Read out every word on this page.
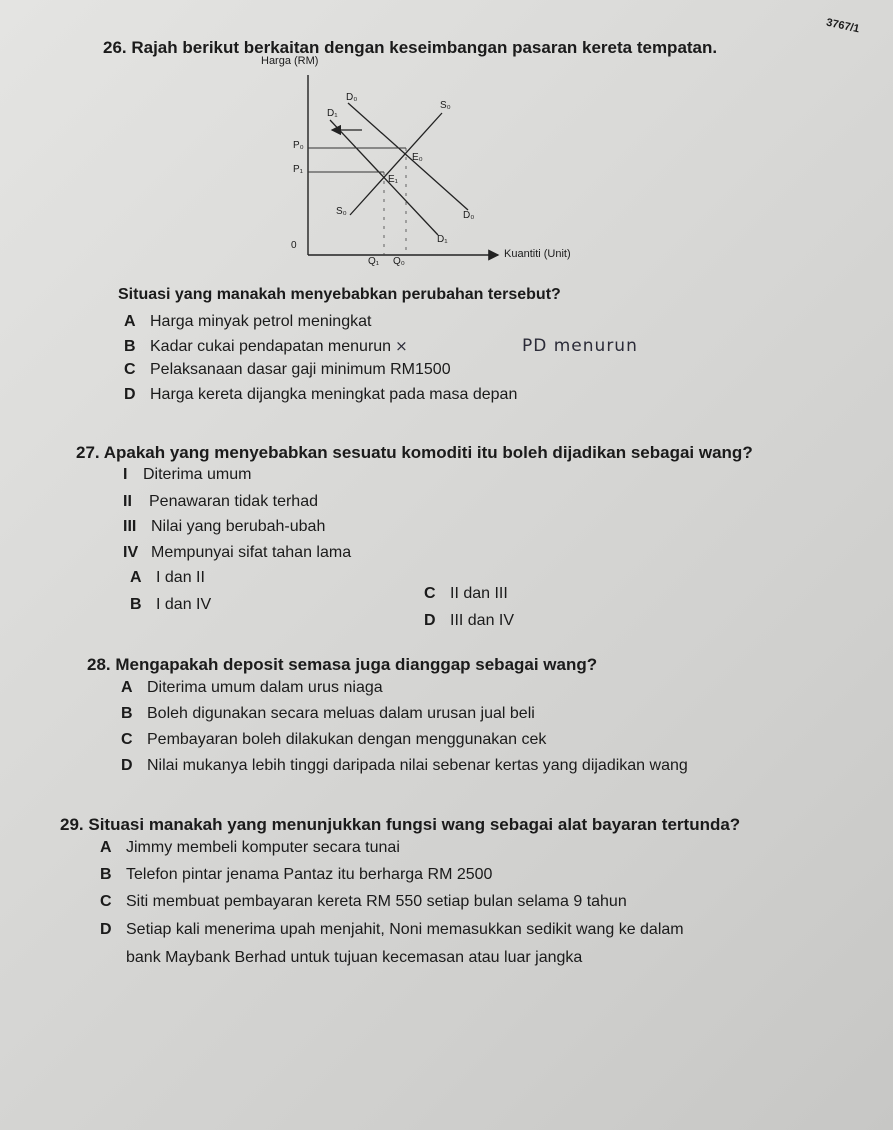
3767/1
26. Rajah berikut berkaitan dengan keseimbangan pasaran kereta tempatan.
Harga (RM)
D₀
D₁
S₀
P₀
P₁
E₀
E₁
S₀	D₀
D₁
0
Q₁ Q₀
Kuantiti (Unit)
Situasi yang manakah menyebabkan perubahan tersebut?
A Harga minyak petrol meningkat
B Kadar cukai pendapatan menurun ×	PD menurun
C Pelaksanaan dasar gaji minimum RM1500
D Harga kereta dijangka meningkat pada masa depan
27. Apakah yang menyebabkan sesuatu komoditi itu boleh dijadikan sebagai wang?
I Diterima umum
II Penawaran tidak terhad
III Nilai yang berubah-ubah
IV Mempunyai sifat tahan lama
A I dan II
B I dan IV
C II dan III
D III dan IV
28. Mengapakah deposit semasa juga dianggap sebagai wang?
A Diterima umum dalam urus niaga
B Boleh digunakan secara meluas dalam urusan jual beli
C Pembayaran boleh dilakukan dengan menggunakan cek
D Nilai mukanya lebih tinggi daripada nilai sebenar kertas yang dijadikan wang
29. Situasi manakah yang menunjukkan fungsi wang sebagai alat bayaran tertunda?
A Jimmy membeli komputer secara tunai
B Telefon pintar jenama Pantaz itu berharga RM 2500
C Siti membuat pembayaran kereta RM 550 setiap bulan selama 9 tahun
D Setiap kali menerima upah menjahit, Noni memasukkan sedikit wang ke dalam
bank Maybank Berhad untuk tujuan kecemasan atau luar jangka
